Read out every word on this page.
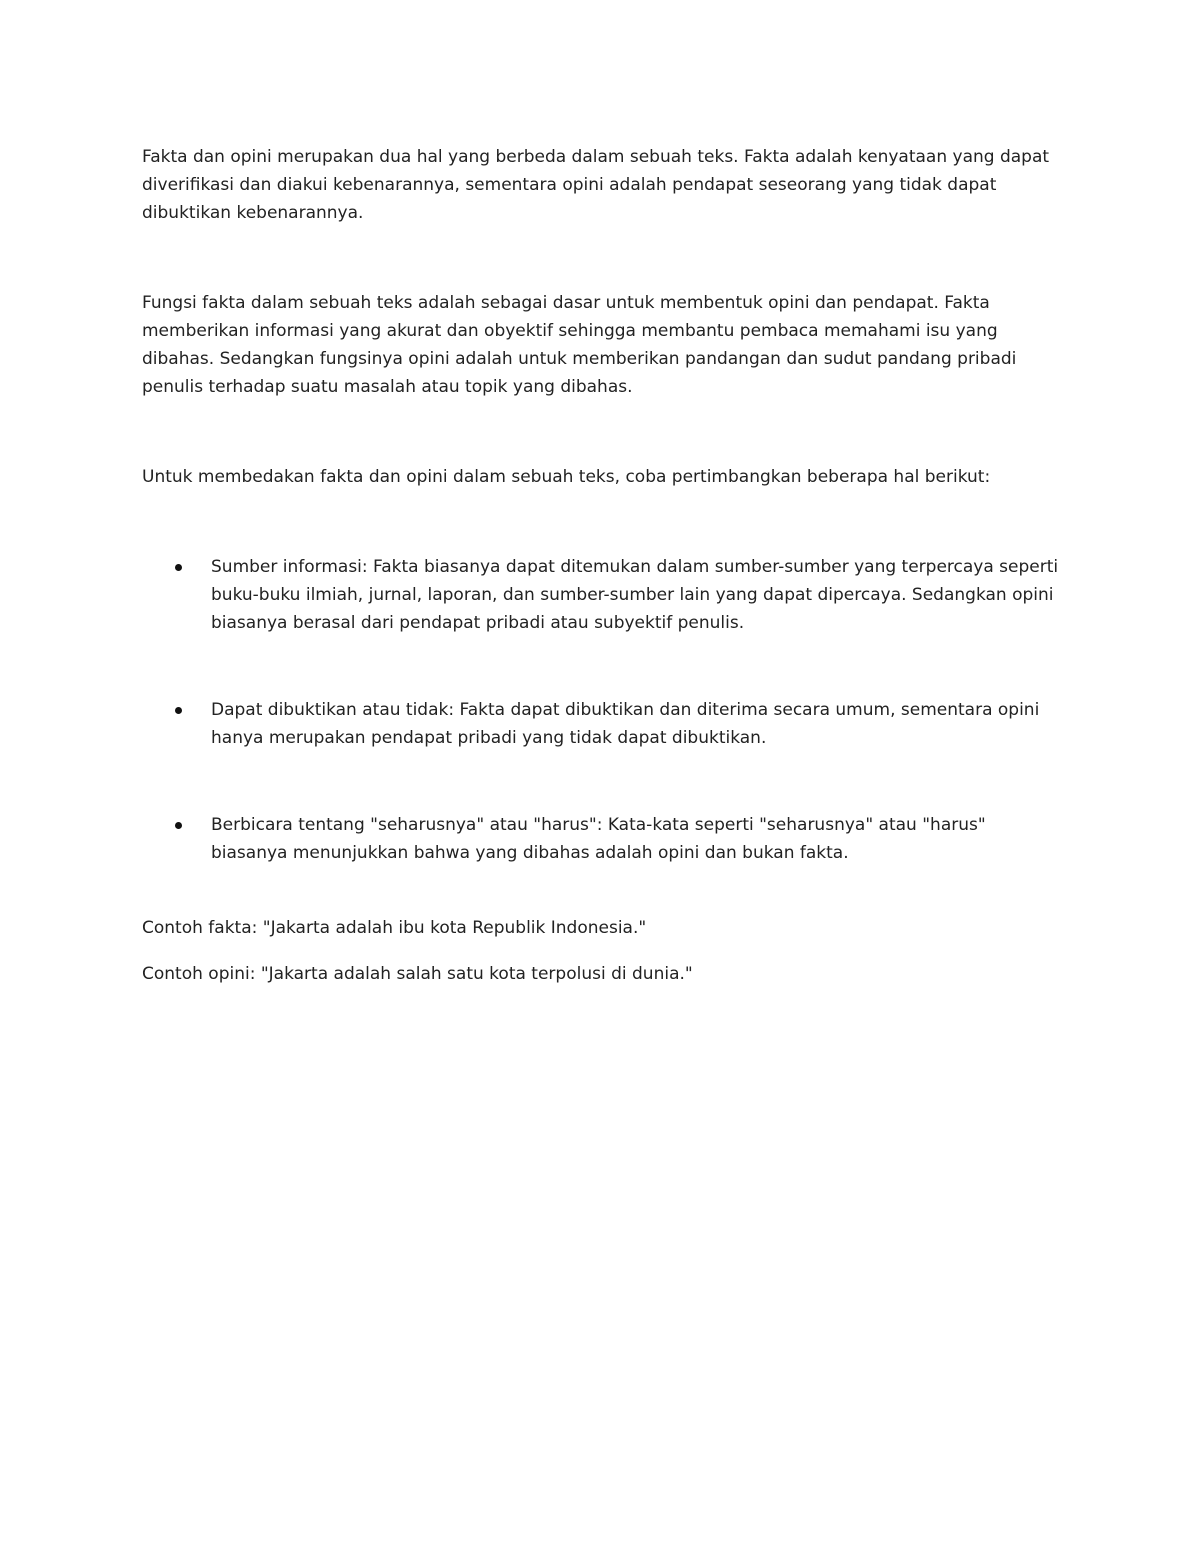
Fakta dan opini merupakan dua hal yang berbeda dalam sebuah teks. Fakta adalah kenyataan yang dapat diverifikasi dan diakui kebenarannya, sementara opini adalah pendapat seseorang yang tidak dapat dibuktikan kebenarannya.

Fungsi fakta dalam sebuah teks adalah sebagai dasar untuk membentuk opini dan pendapat. Fakta memberikan informasi yang akurat dan obyektif sehingga membantu pembaca memahami isu yang dibahas. Sedangkan fungsinya opini adalah untuk memberikan pandangan dan sudut pandang pribadi penulis terhadap suatu masalah atau topik yang dibahas.

Untuk membedakan fakta dan opini dalam sebuah teks, coba pertimbangkan beberapa hal berikut:

Sumber informasi: Fakta biasanya dapat ditemukan dalam sumber-sumber yang terpercaya seperti buku-buku ilmiah, jurnal, laporan, dan sumber-sumber lain yang dapat dipercaya. Sedangkan opini biasanya berasal dari pendapat pribadi atau subyektif penulis.
Dapat dibuktikan atau tidak: Fakta dapat dibuktikan dan diterima secara umum, sementara opini hanya merupakan pendapat pribadi yang tidak dapat dibuktikan.
Berbicara tentang "seharusnya" atau "harus": Kata-kata seperti "seharusnya" atau "harus" biasanya menunjukkan bahwa yang dibahas adalah opini dan bukan fakta.

Contoh fakta: "Jakarta adalah ibu kota Republik Indonesia."

Contoh opini: "Jakarta adalah salah satu kota terpolusi di dunia."
